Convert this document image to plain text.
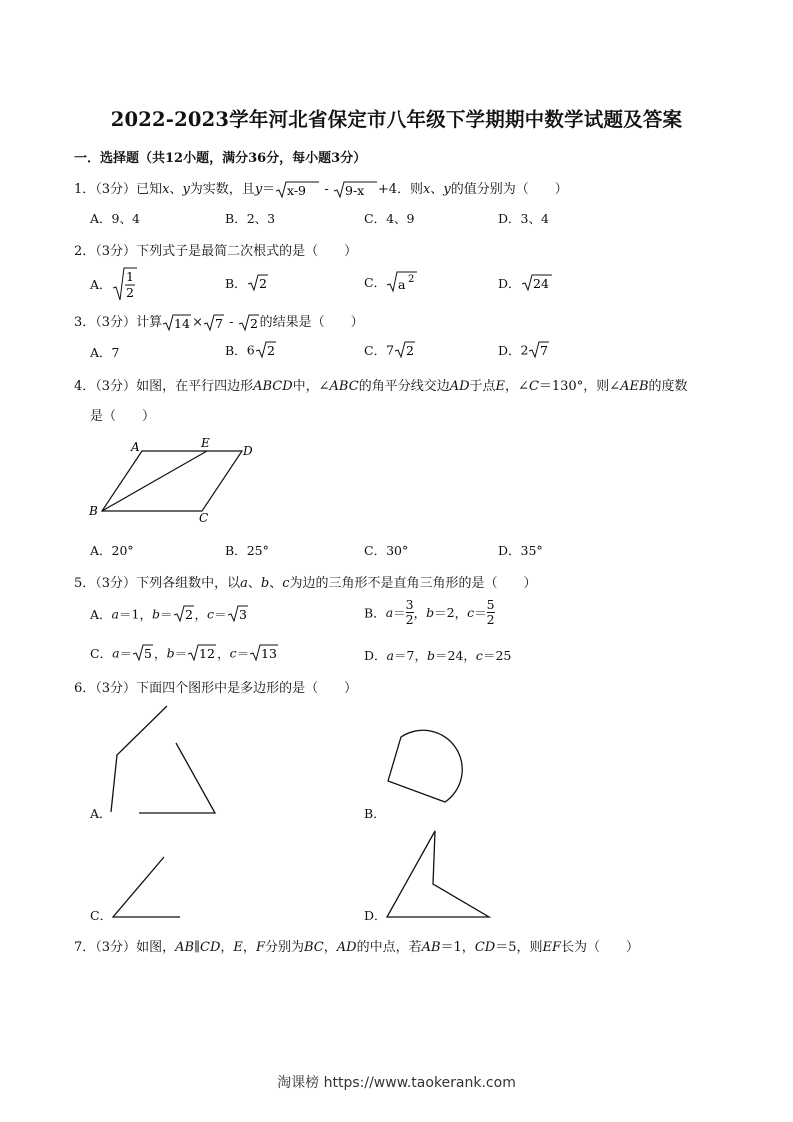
2022-2023学年河北省保定市八年级下学期期中数学试题及答案
一．选择题（共12小题，满分36分，每小题3分）
1．（3分）已知x、y为实数，且y＝ x-9 - 9-x +4．则x、y的值分别为（　　）
A．9、4	B．2、3	C．4、9	D．3、4
2．（3分）下列式子是最简二次根式的是（　　）
A．
1
2
B． 2	C． a 2	D． 24
3．（3分）计算 14 × 7 - 2 的结果是（　　）
A．7	B．6 2	C．7 2	D．2 7
4．（3分）如图，在平行四边形ABCD中，∠ABC的角平分线交边AD于点E，∠C＝130°，则∠AEB的度数
是（　　）
A	E
D
B	C
A．20°	B．25°	C．30°	D．35°
5．（3分）下列各组数中，以a、b、c为边的三角形不是直角三角形的是（　　）
A．a＝1，b＝ 2 ，c＝ 3	B．$a= \frac{3}{2}$ ，b＝2，$c= \frac{5}{2}$
C．a＝ 5 ，b＝ 12 ，c＝ 13	D．a＝7，b＝24，c＝25
6．（3分）下面四个图形中是多边形的是（　　）
A．	B．
C．	D．
7．（3分）如图，AB∥CD，E，F分别为BC，AD的中点，若AB＝1，CD＝5，则EF长为（　　）
淘课榜 https://www.taokerank.com
